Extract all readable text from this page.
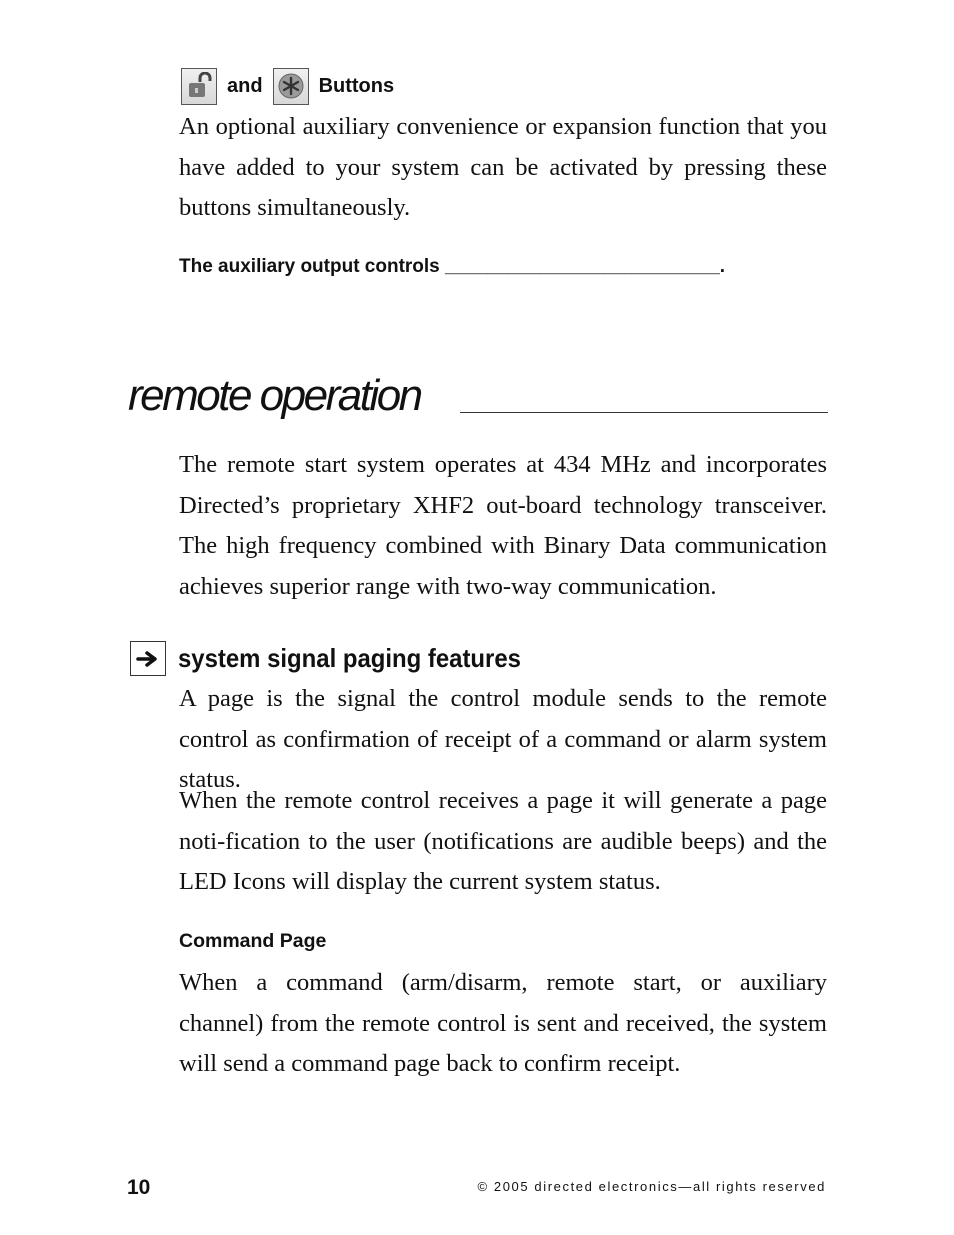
and	Buttons
An optional auxiliary convenience or expansion function that you have added to your system can be activated by pressing these buttons simultaneously.
The auxiliary output controls __________________________.
remote operation
The remote start system operates at 434 MHz and incorporates Directed’s proprietary XHF2 out-board technology transceiver. The high frequency combined with Binary Data communication achieves superior range with two-way communication.
system signal paging features
A page is the signal the control module sends to the remote control as confirmation of receipt of a command or alarm system status.
When the remote control receives a page it will generate a page noti-fication to the user (notifications are audible beeps) and the LED Icons will display the current system status.
Command Page
When a command (arm/disarm, remote start, or auxiliary channel) from the remote control is sent and received, the system will send a command page back to confirm receipt.
10	© 2005 directed electronics—all rights reserved
